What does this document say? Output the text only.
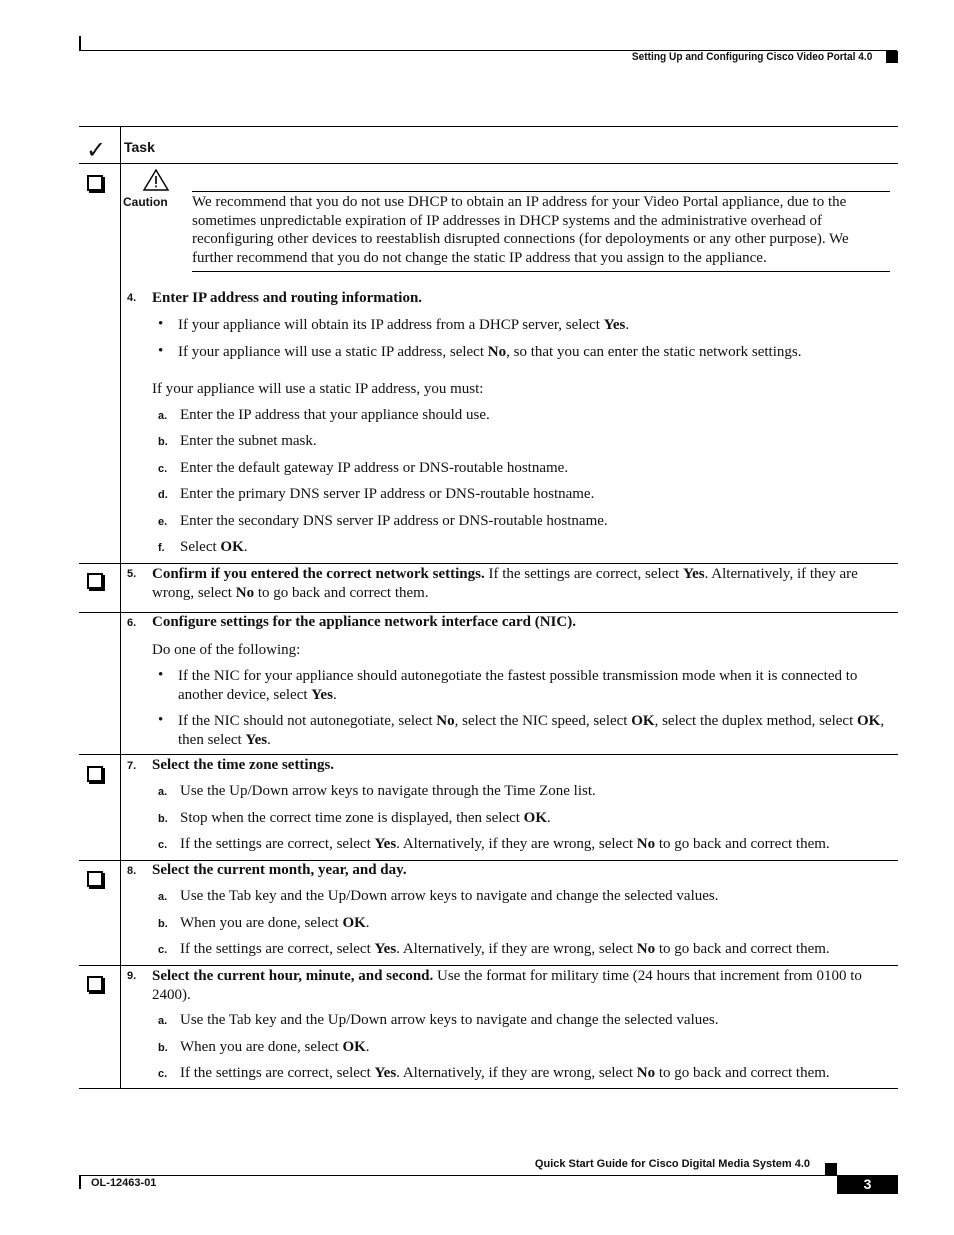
Setting Up and Configuring Cisco Video Portal 4.0
✓ Task
Caution We recommend that you do not use DHCP to obtain an IP address for your Video Portal appliance, due to the sometimes unpredictable expiration of IP addresses in DHCP systems and the administrative overhead of reconfiguring other devices to reestablish disrupted connections (for depoloyments or any other purpose). We further recommend that you do not change the static IP address that you assign to the appliance.
4. Enter IP address and routing information.
• If your appliance will obtain its IP address from a DHCP server, select Yes.
• If your appliance will use a static IP address, select No, so that you can enter the static network settings.
If your appliance will use a static IP address, you must:
a. Enter the IP address that your appliance should use.
b. Enter the subnet mask.
c. Enter the default gateway IP address or DNS-routable hostname.
d. Enter the primary DNS server IP address or DNS-routable hostname.
e. Enter the secondary DNS server IP address or DNS-routable hostname.
f. Select OK.
5. Confirm if you entered the correct network settings. If the settings are correct, select Yes. Alternatively, if they are wrong, select No to go back and correct them.
6. Configure settings for the appliance network interface card (NIC).
Do one of the following:
• If the NIC for your appliance should autonegotiate the fastest possible transmission mode when it is connected to another device, select Yes.
• If the NIC should not autonegotiate, select No, select the NIC speed, select OK, select the duplex method, select OK, then select Yes.
7. Select the time zone settings.
a. Use the Up/Down arrow keys to navigate through the Time Zone list.
b. Stop when the correct time zone is displayed, then select OK.
c. If the settings are correct, select Yes. Alternatively, if they are wrong, select No to go back and correct them.
8. Select the current month, year, and day.
a. Use the Tab key and the Up/Down arrow keys to navigate and change the selected values.
b. When you are done, select OK.
c. If the settings are correct, select Yes. Alternatively, if they are wrong, select No to go back and correct them.
9. Select the current hour, minute, and second. Use the format for military time (24 hours that increment from 0100 to 2400).
a. Use the Tab key and the Up/Down arrow keys to navigate and change the selected values.
b. When you are done, select OK.
c. If the settings are correct, select Yes. Alternatively, if they are wrong, select No to go back and correct them.
Quick Start Guide for Cisco Digital Media System 4.0
OL-12463-01	3
